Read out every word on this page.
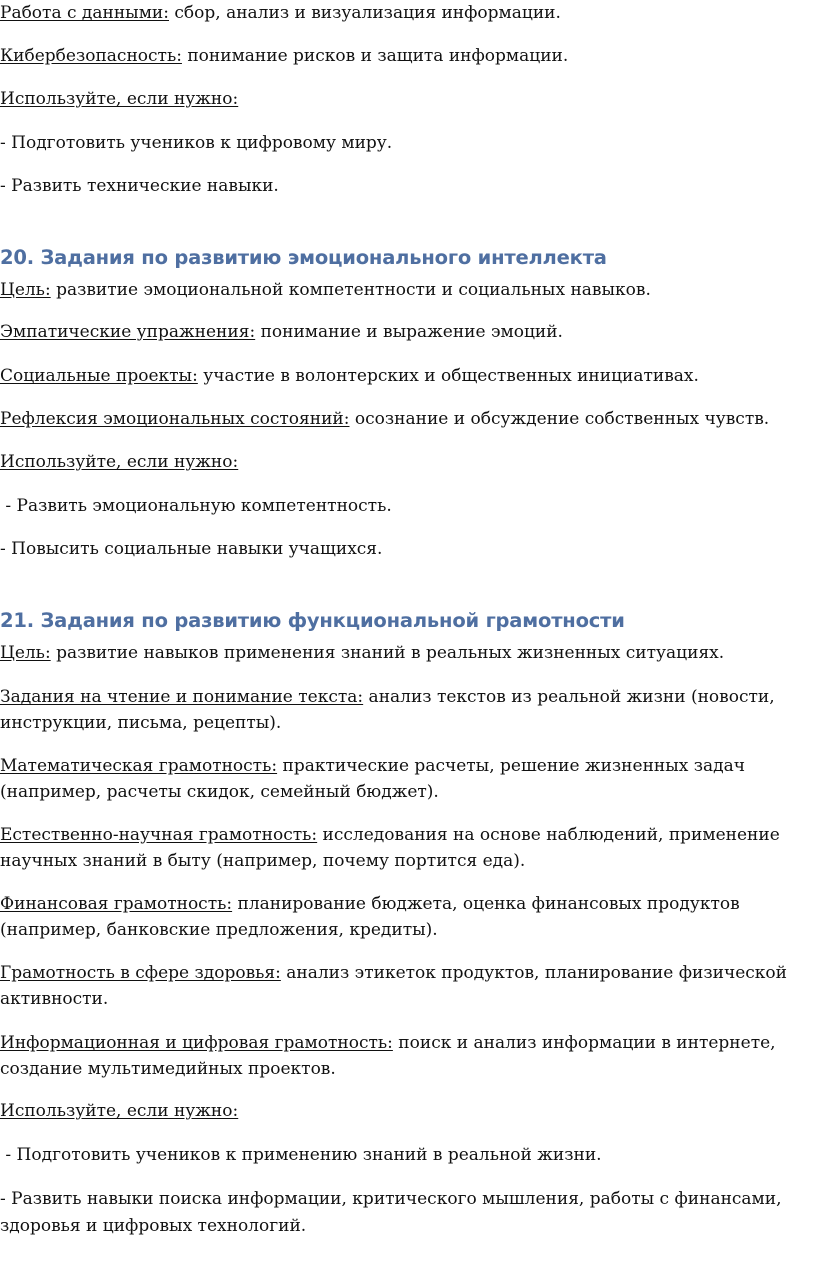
Работа с данными: сбор, анализ и визуализация информации.
Кибербезопасность: понимание рисков и защита информации.
Используйте, если нужно:
- Подготовить учеников к цифровому миру.
- Развить технические навыки.
20. Задания по развитию эмоционального интеллекта
Цель: развитие эмоциональной компетентности и социальных навыков.
Эмпатические упражнения: понимание и выражение эмоций.
Социальные проекты: участие в волонтерских и общественных инициативах.
Рефлексия эмоциональных состояний: осознание и обсуждение собственных чувств.
Используйте, если нужно:
- Развить эмоциональную компетентность.
- Повысить социальные навыки учащихся.
21. Задания по развитию функциональной грамотности
Цель: развитие навыков применения знаний в реальных жизненных ситуациях.
Задания на чтение и понимание текста: анализ текстов из реальной жизни (новости, инструкции, письма, рецепты).
Математическая грамотность: практические расчеты, решение жизненных задач (например, расчеты скидок, семейный бюджет).
Естественно-научная грамотность: исследования на основе наблюдений, применение научных знаний в быту (например, почему портится еда).
Финансовая грамотность: планирование бюджета, оценка финансовых продуктов (например, банковские предложения, кредиты).
Грамотность в сфере здоровья: анализ этикеток продуктов, планирование физической активности.
Информационная и цифровая грамотность: поиск и анализ информации в интернете, создание мультимедийных проектов.
Используйте, если нужно:
- Подготовить учеников к применению знаний в реальной жизни.
- Развить навыки поиска информации, критического мышления, работы с финансами, здоровья и цифровых технологий.
